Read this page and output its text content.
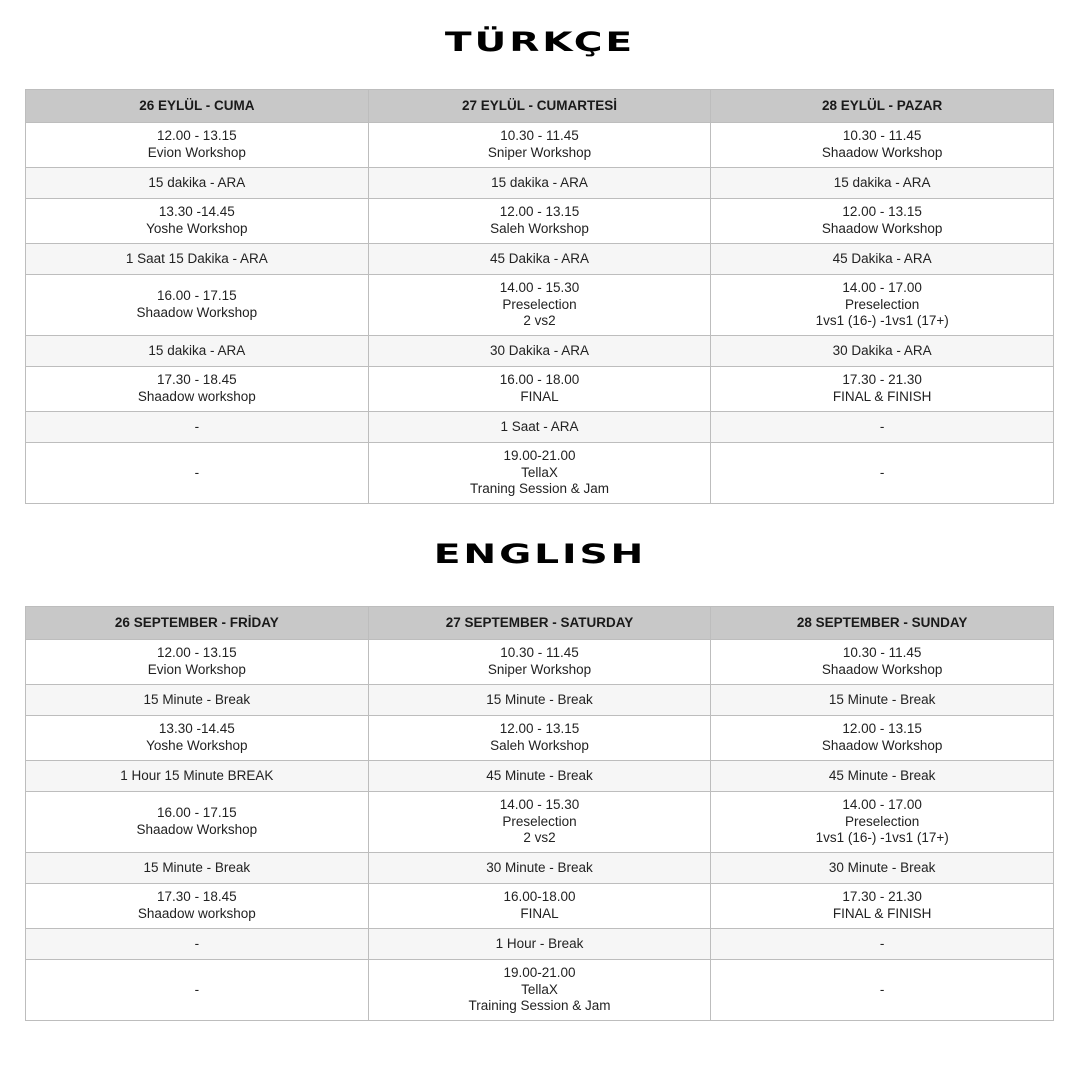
TÜRKÇE
26 EYLÜL - CUMA	27 EYLÜL - CUMARTESİ	28 EYLÜL - PAZAR

12.00 - 13.15
Evion Workshop	10.30 - 11.45
Sniper Workshop	10.30 - 11.45
Shaadow Workshop

15 dakika - ARA	15 dakika - ARA	15 dakika - ARA

13.30 -14.45
Yoshe Workshop	12.00 - 13.15
Saleh Workshop	12.00 - 13.15
Shaadow Workshop

1 Saat 15 Dakika - ARA	45 Dakika - ARA	45 Dakika - ARA

16.00 - 17.15
Shaadow Workshop	14.00 - 15.30
Preselection
2 vs2	14.00 - 17.00
Preselection
1vs1 (16-) -1vs1 (17+)

15 dakika - ARA	30 Dakika - ARA	30 Dakika - ARA

17.30 - 18.45
Shaadow workshop	16.00 - 18.00
FINAL	17.30 - 21.30
FINAL & FINISH

-	1 Saat - ARA	-

-	19.00-21.00
TellaX
Traning Session & Jam	-
ENGLISH
26 SEPTEMBER - FRİDAY	27 SEPTEMBER - SATURDAY	28 SEPTEMBER - SUNDAY

12.00 - 13.15
Evion Workshop	10.30 - 11.45
Sniper Workshop	10.30 - 11.45
Shaadow Workshop

15 Minute - Break	15 Minute - Break	15 Minute - Break

13.30 -14.45
Yoshe Workshop	12.00 - 13.15
Saleh Workshop	12.00 - 13.15
Shaadow Workshop

1 Hour 15 Minute BREAK	45 Minute - Break	45 Minute - Break

16.00 - 17.15
Shaadow Workshop	14.00 - 15.30
Preselection
2 vs2	14.00 - 17.00
Preselection
1vs1 (16-) -1vs1 (17+)

15 Minute - Break	30 Minute - Break	30 Minute - Break

17.30 - 18.45
Shaadow workshop	16.00-18.00
FINAL	17.30 - 21.30
FINAL & FINISH

-	1 Hour - Break	-

-	19.00-21.00
TellaX
Training Session & Jam	-
